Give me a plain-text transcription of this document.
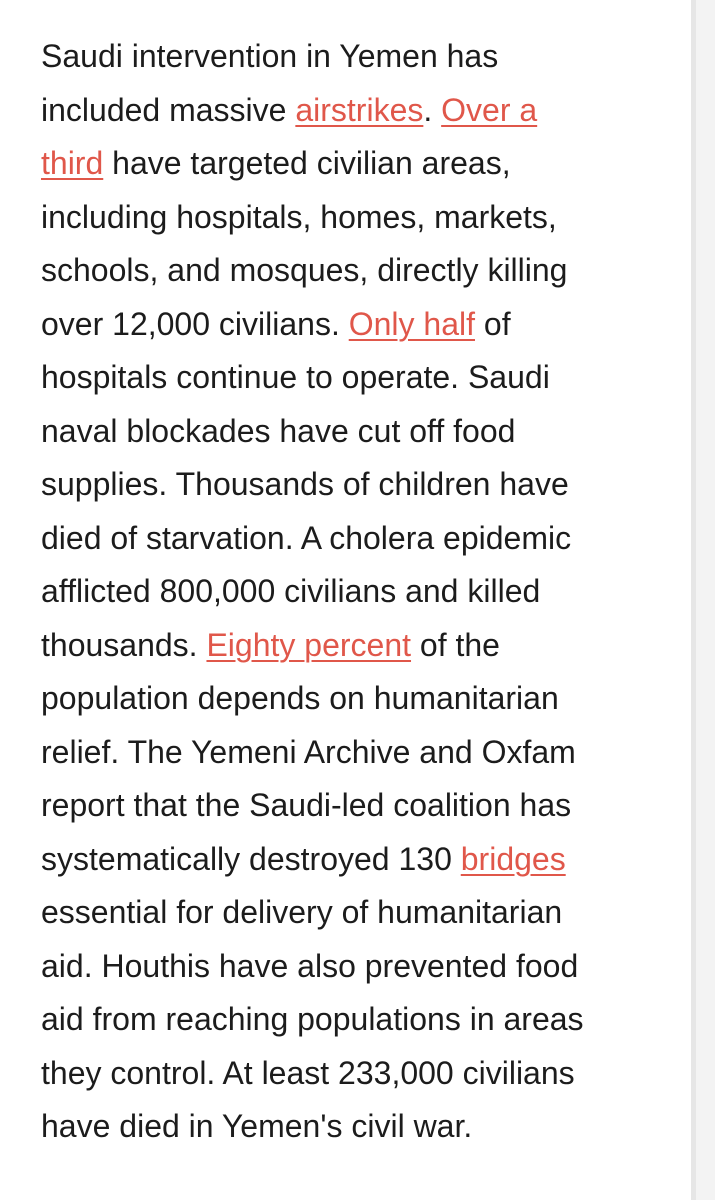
Saudi intervention in Yemen has
included massive airstrikes. Over a
third have targeted civilian areas,
including hospitals, homes, markets,
schools, and mosques, directly killing
over 12,000 civilians. Only half of
hospitals continue to operate. Saudi
naval blockades have cut off food
supplies. Thousands of children have
died of starvation. A cholera epidemic
afflicted 800,000 civilians and killed
thousands. Eighty percent of the
population depends on humanitarian
relief. The Yemeni Archive and Oxfam
report that the Saudi-led coalition has
systematically destroyed 130 bridges
essential for delivery of humanitarian
aid. Houthis have also prevented food
aid from reaching populations in areas
they control. At least 233,000 civilians
have died in Yemen's civil war.
